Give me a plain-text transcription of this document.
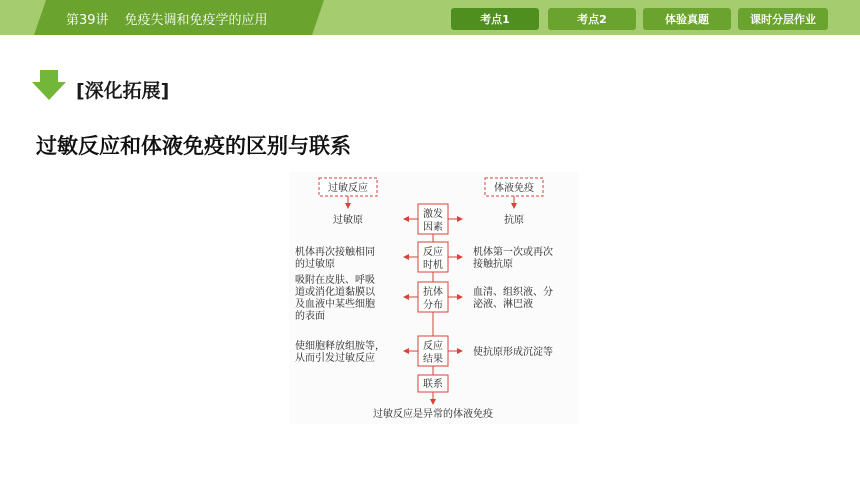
第39讲 免疫失调和免疫学的应用	考点1	考点2	体验真题	课时分层作业
[深化拓展]
过敏反应和体液免疫的区别与联系
过敏反应	体液免疫
激发
因素
过敏原	抗原
反应
时机
机体再次接触相同
的过敏原
机体第一次或再次
接触抗原
抗体
分布
吸附在皮肤、呼吸
道或消化道黏膜以
及血液中某些细胞
的表面
血清、组织液、分
泌液、淋巴液
反应
结果
使细胞释放组胺等，
从而引发过敏反应
使抗原形成沉淀等
联系
过敏反应是异常的体液免疫
